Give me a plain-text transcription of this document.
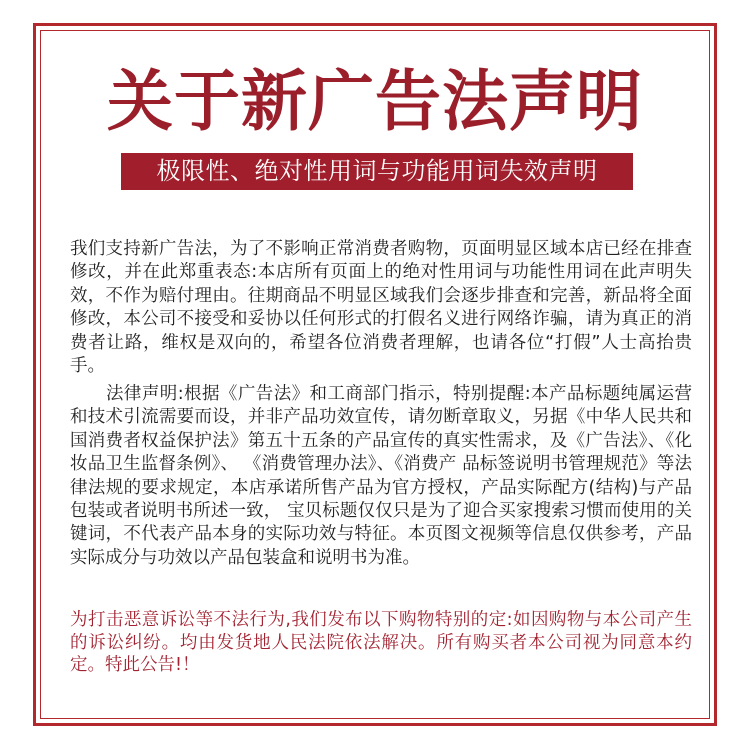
关于新广告法声明
极限性、绝对性用词与功能用词失效声明

我们支持新广告法，为了不影响正常消费者购物，页面明显区域本店已经在排查修改，并在此郑重表态:本店所有页面上的绝对性用词与功能性用词在此声明失效，不作为赔付理由。往期商品不明显区域我们会逐步排查和完善，新品将全面修改，本公司不接受和妥协以任何形式的打假名义进行网络诈骗，请为真正的消费者让路，维权是双向的，希望各位消费者理解，也请各位“打假”人士高抬贵手。

法律声明:根据《广告法》和工商部门指示，特别提醒:本产品标题纯属运营和技术引流需要而设，并非产品功效宣传，请勿断章取义，另据《中华人民共和国消费者权益保护法》第五十五条的产品宣传的真实性需求，及《广告法》、《化妆品卫生监督条例》、 《消费管理办法》、《消费产 品标签说明书管理规范》等法律法规的要求规定，本店承诺所售产品为官方授权，产品实际配方(结构)与产品包装或者说明书所述一致， 宝贝标题仅仅只是为了迎合买家搜索习惯而使用的关键词，不代表产品本身的实际功效与特征。本页图文视频等信息仅供参考，产品实际成分与功效以产品包装盒和说明书为准。

为打击恶意诉讼等不法行为,我们发布以下购物特别的定:如因购物与本公司产生的诉讼纠纷。均由发货地人民法院依法解决。所有购买者本公司视为同意本约定。特此公告!！
